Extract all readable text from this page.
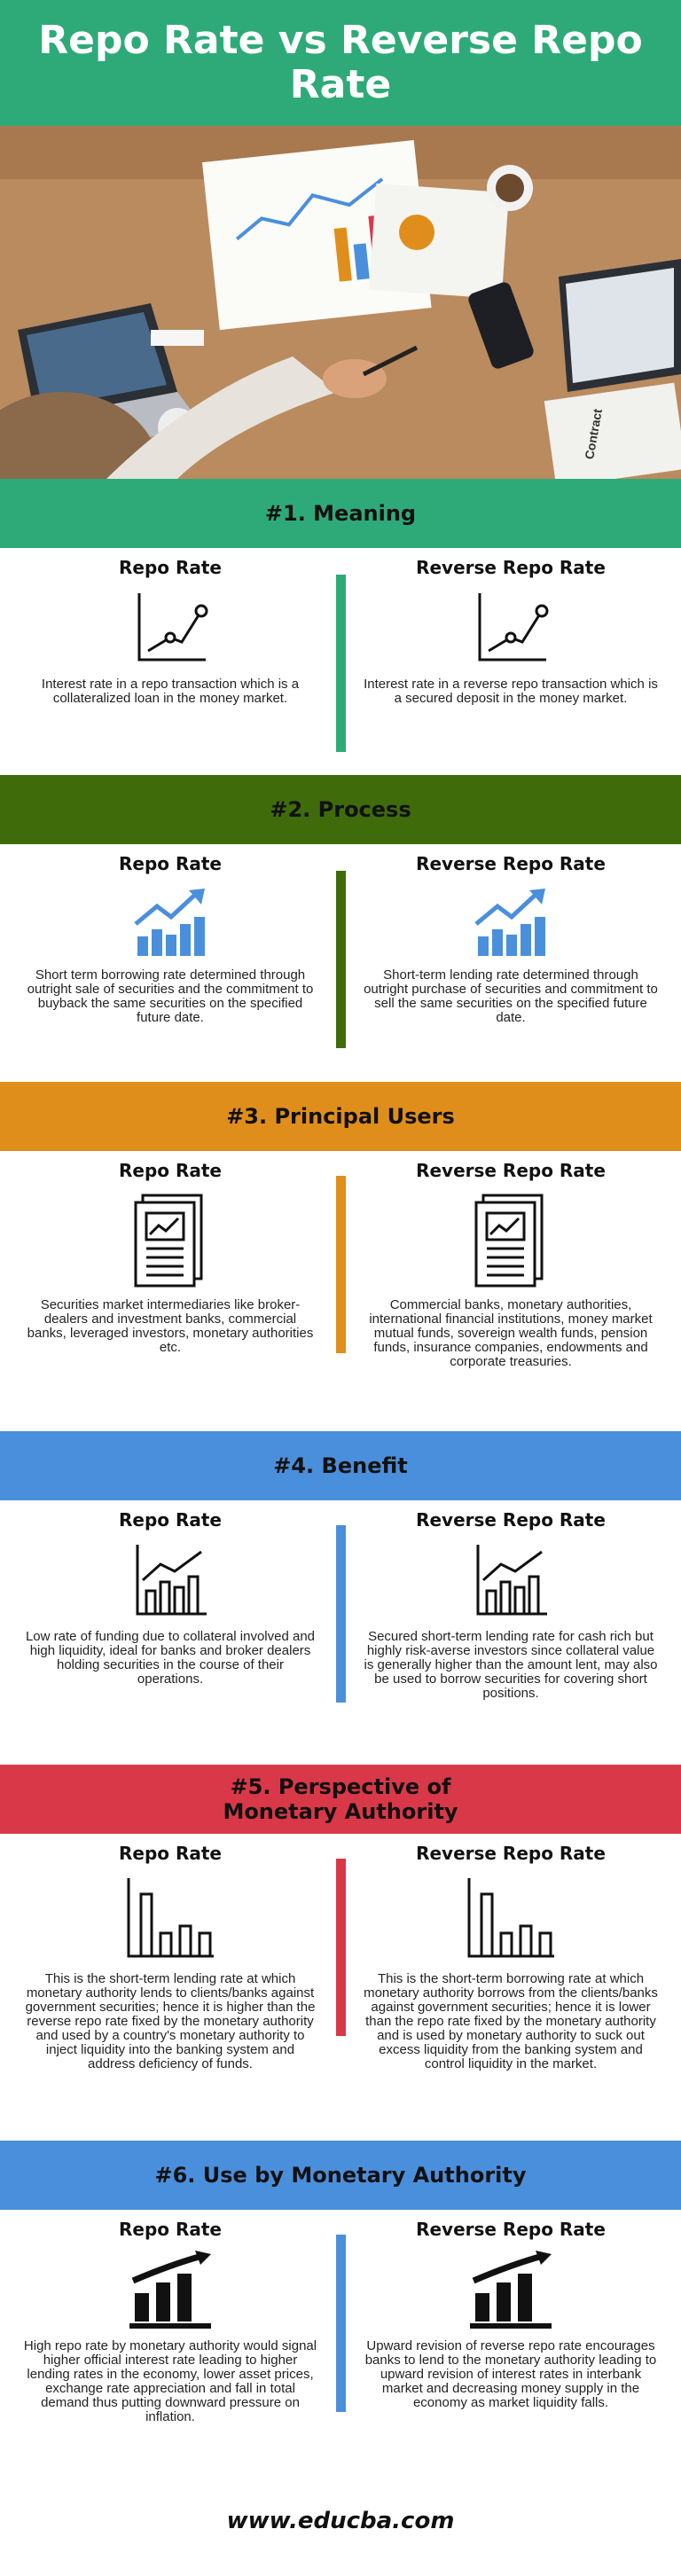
Repo Rate vs Reverse Repo Rate
Contract
#1. Meaning
Repo Rate

Interest rate in a repo transaction which is a collateralized loan in the money market.

Reverse Repo Rate

Interest rate in a reverse repo transaction which is a secured deposit in the money market.

#2. Process
Repo Rate

Short term borrowing rate determined through outright sale of securities and the commitment to buyback the same securities on the specified future date.

Reverse Repo Rate

Short-term lending rate determined through outright purchase of securities and commitment to sell the same securities on the specified future date.

#3. Principal Users
Repo Rate

Securities market intermediaries like broker-dealers and investment banks, commercial banks, leveraged investors, monetary authorities etc.

Reverse Repo Rate

Commercial banks, monetary authorities, international financial institutions, money market mutual funds, sovereign wealth funds, pension funds, insurance companies, endowments and corporate treasuries.

#4. Benefit
Repo Rate

Low rate of funding due to collateral involved and high liquidity, ideal for banks and broker dealers holding securities in the course of their operations.

Reverse Repo Rate

Secured short-term lending rate for cash rich but highly risk-averse investors since collateral value is generally higher than the amount lent, may also be used to borrow securities for covering short positions.

#5. Perspective of Monetary Authority
Repo Rate

This is the short-term lending rate at which monetary authority lends to clients/banks against government securities; hence it is higher than the reverse repo rate fixed by the monetary authority and used by a country's monetary authority to inject liquidity into the banking system and address deficiency of funds.

Reverse Repo Rate

This is the short-term borrowing rate at which monetary authority borrows from the clients/banks against government securities; hence it is lower than the repo rate fixed by the monetary authority and is used by monetary authority to suck out excess liquidity from the banking system and control liquidity in the market.

#6. Use by Monetary Authority
Repo Rate

High repo rate by monetary authority would signal higher official interest rate leading to higher lending rates in the economy, lower asset prices, exchange rate appreciation and fall in total demand thus putting downward pressure on inflation.

Reverse Repo Rate

Upward revision of reverse repo rate encourages banks to lend to the monetary authority leading to upward revision of interest rates in interbank market and decreasing money supply in the economy as market liquidity falls.

www.educba.com
